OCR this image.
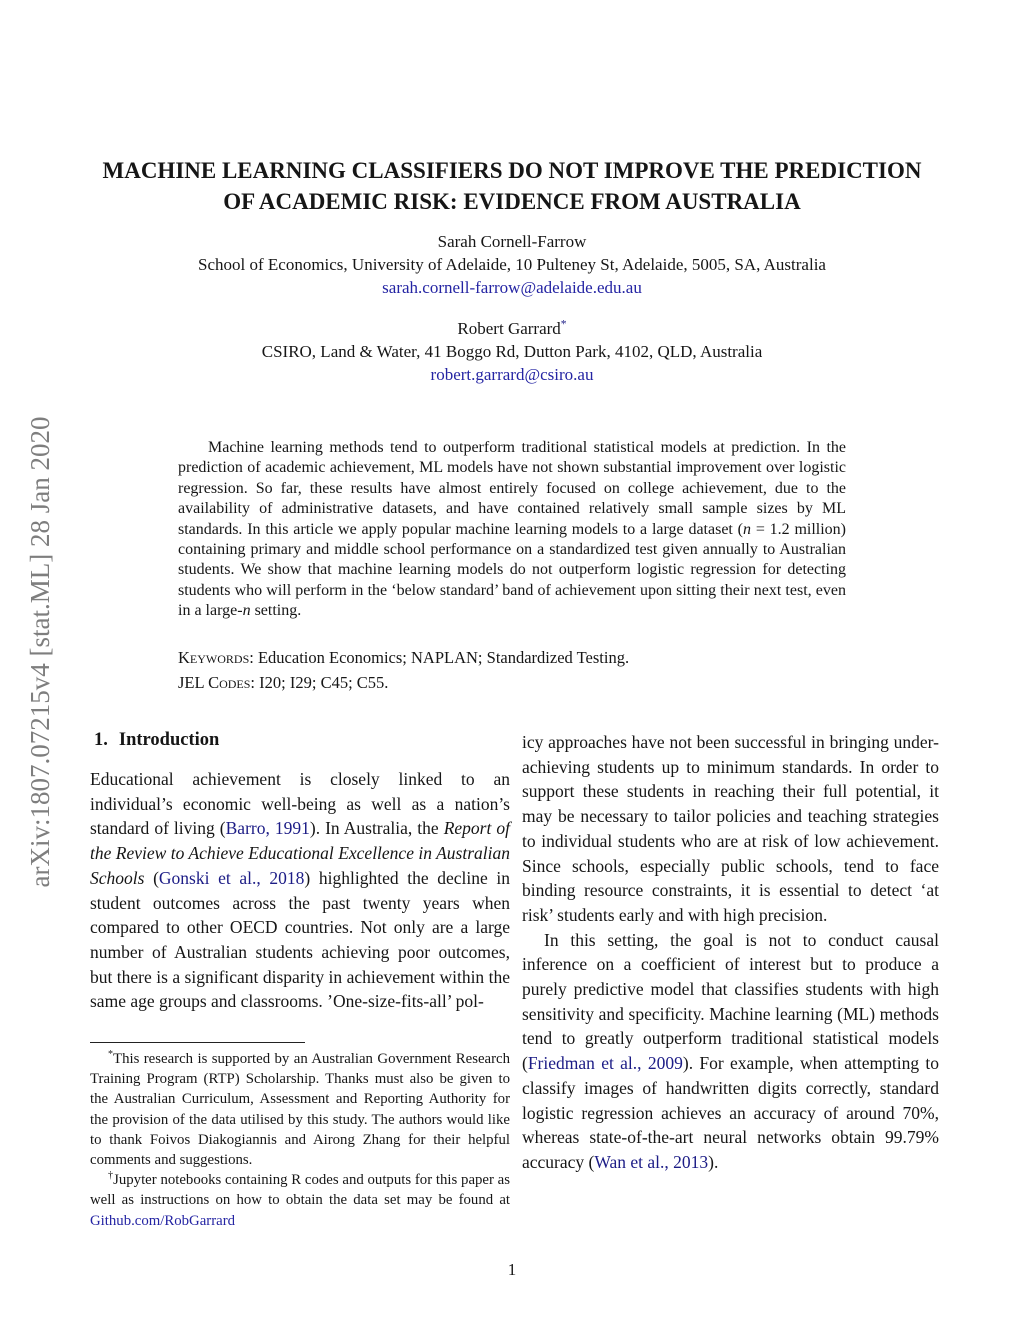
arXiv:1807.07215v4 [stat.ML] 28 Jan 2020
MACHINE LEARNING CLASSIFIERS DO NOT IMPROVE THE PREDICTION
OF ACADEMIC RISK: EVIDENCE FROM AUSTRALIA
Sarah Cornell-Farrow
School of Economics, University of Adelaide, 10 Pulteney St, Adelaide, 5005, SA, Australia
sarah.cornell-farrow@adelaide.edu.au
Robert Garrard*
CSIRO, Land & Water, 41 Boggo Rd, Dutton Park, 4102, QLD, Australia
robert.garrard@csiro.au
Machine learning methods tend to outperform traditional statistical models at prediction. In the prediction of academic achievement, ML models have not shown substantial improvement over logistic regression. So far, these results have almost entirely focused on college achievement, due to the availability of administrative datasets, and have contained relatively small sample sizes by ML standards. In this article we apply popular machine learning models to a large dataset (n = 1.2 million) containing primary and middle school performance on a standardized test given annually to Australian students. We show that machine learning models do not outperform logistic regression for detecting students who will perform in the ‘below standard’ band of achievement upon sitting their next test, even in a large-n setting.
Keywords: Education Economics; NAPLAN; Standardized Testing.
JEL Codes: I20; I29; C45; C55.
1. Introduction

Educational achievement is closely linked to an individual’s economic well-being as well as a nation’s standard of living (Barro, 1991). In Australia, the Report of the Review to Achieve Educational Excellence in Australian Schools (Gonski et al., 2018) highlighted the decline in student outcomes across the past twenty years when compared to other OECD countries. Not only are a large number of Australian students achieving poor outcomes, but there is a significant disparity in achievement within the same age groups and classrooms. ’One-size-fits-all’ pol-

*This research is supported by an Australian Government Research Training Program (RTP) Scholarship. Thanks must also be given to the Australian Curriculum, Assessment and Reporting Authority for the provision of the data utilised by this study. The authors would like to thank Foivos Diakogiannis and Airong Zhang for their helpful comments and suggestions.

†Jupyter notebooks containing R codes and outputs for this paper as well as instructions on how to obtain the data set may be found at Github.com/RobGarrard

icy approaches have not been successful in bringing under-achieving students up to minimum standards. In order to support these students in reaching their full potential, it may be necessary to tailor policies and teaching strategies to individual students who are at risk of low achievement. Since schools, especially public schools, tend to face binding resource constraints, it is essential to detect ‘at risk’ students early and with high precision.

In this setting, the goal is not to conduct causal inference on a coefficient of interest but to produce a purely predictive model that classifies students with high sensitivity and specificity. Machine learning (ML) methods tend to greatly outperform traditional statistical models (Friedman et al., 2009). For example, when attempting to classify images of handwritten digits correctly, standard logistic regression achieves an accuracy of around 70%, whereas state-of-the-art neural networks obtain 99.79% accuracy (Wan et al., 2013).

1
